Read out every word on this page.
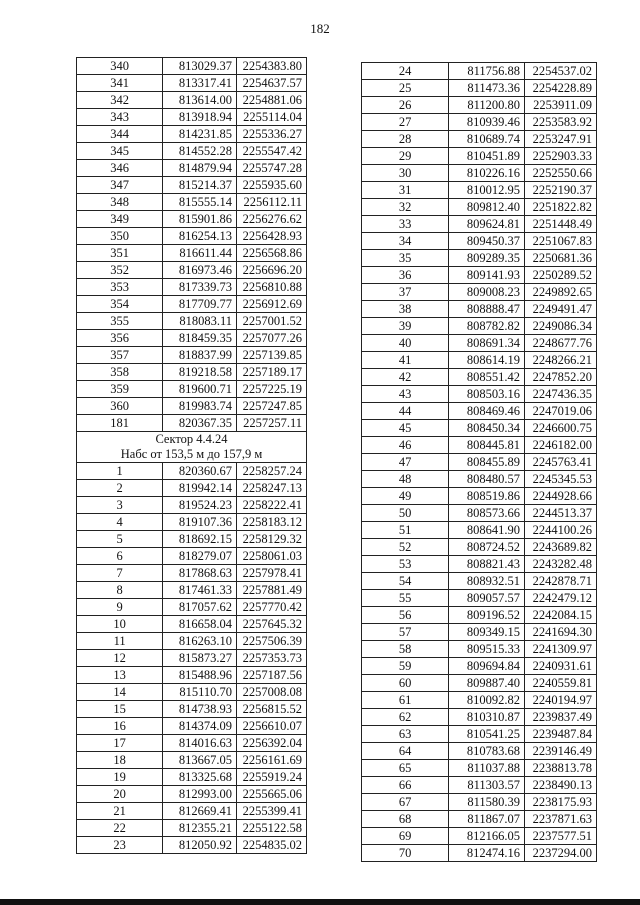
182
340	813029.37	2254383.80
341	813317.41	2254637.57
342	813614.00	2254881.06
343	813918.94	2255114.04
344	814231.85	2255336.27
345	814552.28	2255547.42
346	814879.94	2255747.28
347	815214.37	2255935.60
348	815555.14	2256112.11
349	815901.86	2256276.62
350	816254.13	2256428.93
351	816611.44	2256568.86
352	816973.46	2256696.20
353	817339.73	2256810.88
354	817709.77	2256912.69
355	818083.11	2257001.52
356	818459.35	2257077.26
357	818837.99	2257139.85
358	819218.58	2257189.17
359	819600.71	2257225.19
360	819983.74	2257247.85
181	820367.35	2257257.11
Сектор 4.4.24		
Набс от 153,5 м до 157,9 м		
1	820360.67	2258257.24
2	819942.14	2258247.13
3	819524.23	2258222.41
4	819107.36	2258183.12
5	818692.15	2258129.32
6	818279.07	2258061.03
7	817868.63	2257978.41
8	817461.33	2257881.49
9	817057.62	2257770.42
10	816658.04	2257645.32
11	816263.10	2257506.39
12	815873.27	2257353.73
13	815488.96	2257187.56
14	815110.70	2257008.08
15	814738.93	2256815.52
16	814374.09	2256610.07
17	814016.63	2256392.04
18	813667.05	2256161.69
19	813325.68	2255919.24
20	812993.00	2255665.06
21	812669.41	2255399.41
22	812355.21	2255122.58
23	812050.92	2254835.02
24	811756.88	2254537.02
25	811473.36	2254228.89
26	811200.80	2253911.09
27	810939.46	2253583.92
28	810689.74	2253247.91
29	810451.89	2252903.33
30	810226.16	2252550.66
31	810012.95	2252190.37
32	809812.40	2251822.82
33	809624.81	2251448.49
34	809450.37	2251067.83
35	809289.35	2250681.36
36	809141.93	2250289.52
37	809008.23	2249892.65
38	808888.47	2249491.47
39	808782.82	2249086.34
40	808691.34	2248677.76
41	808614.19	2248266.21
42	808551.42	2247852.20
43	808503.16	2247436.35
44	808469.46	2247019.06
45	808450.34	2246600.75
46	808445.81	2246182.00
47	808455.89	2245763.41
48	808480.57	2245345.53
49	808519.86	2244928.66
50	808573.66	2244513.37
51	808641.90	2244100.26
52	808724.52	2243689.82
53	808821.43	2243282.48
54	808932.51	2242878.71
55	809057.57	2242479.12
56	809196.52	2242084.15
57	809349.15	2241694.30
58	809515.33	2241309.97
59	809694.84	2240931.61
60	809887.40	2240559.81
61	810092.82	2240194.97
62	810310.87	2239837.49
63	810541.25	2239487.84
64	810783.68	2239146.49
65	811037.88	2238813.78
66	811303.57	2238490.13
67	811580.39	2238175.93
68	811867.07	2237871.63
69	812166.05	2237577.51
70	812474.16	2237294.00
